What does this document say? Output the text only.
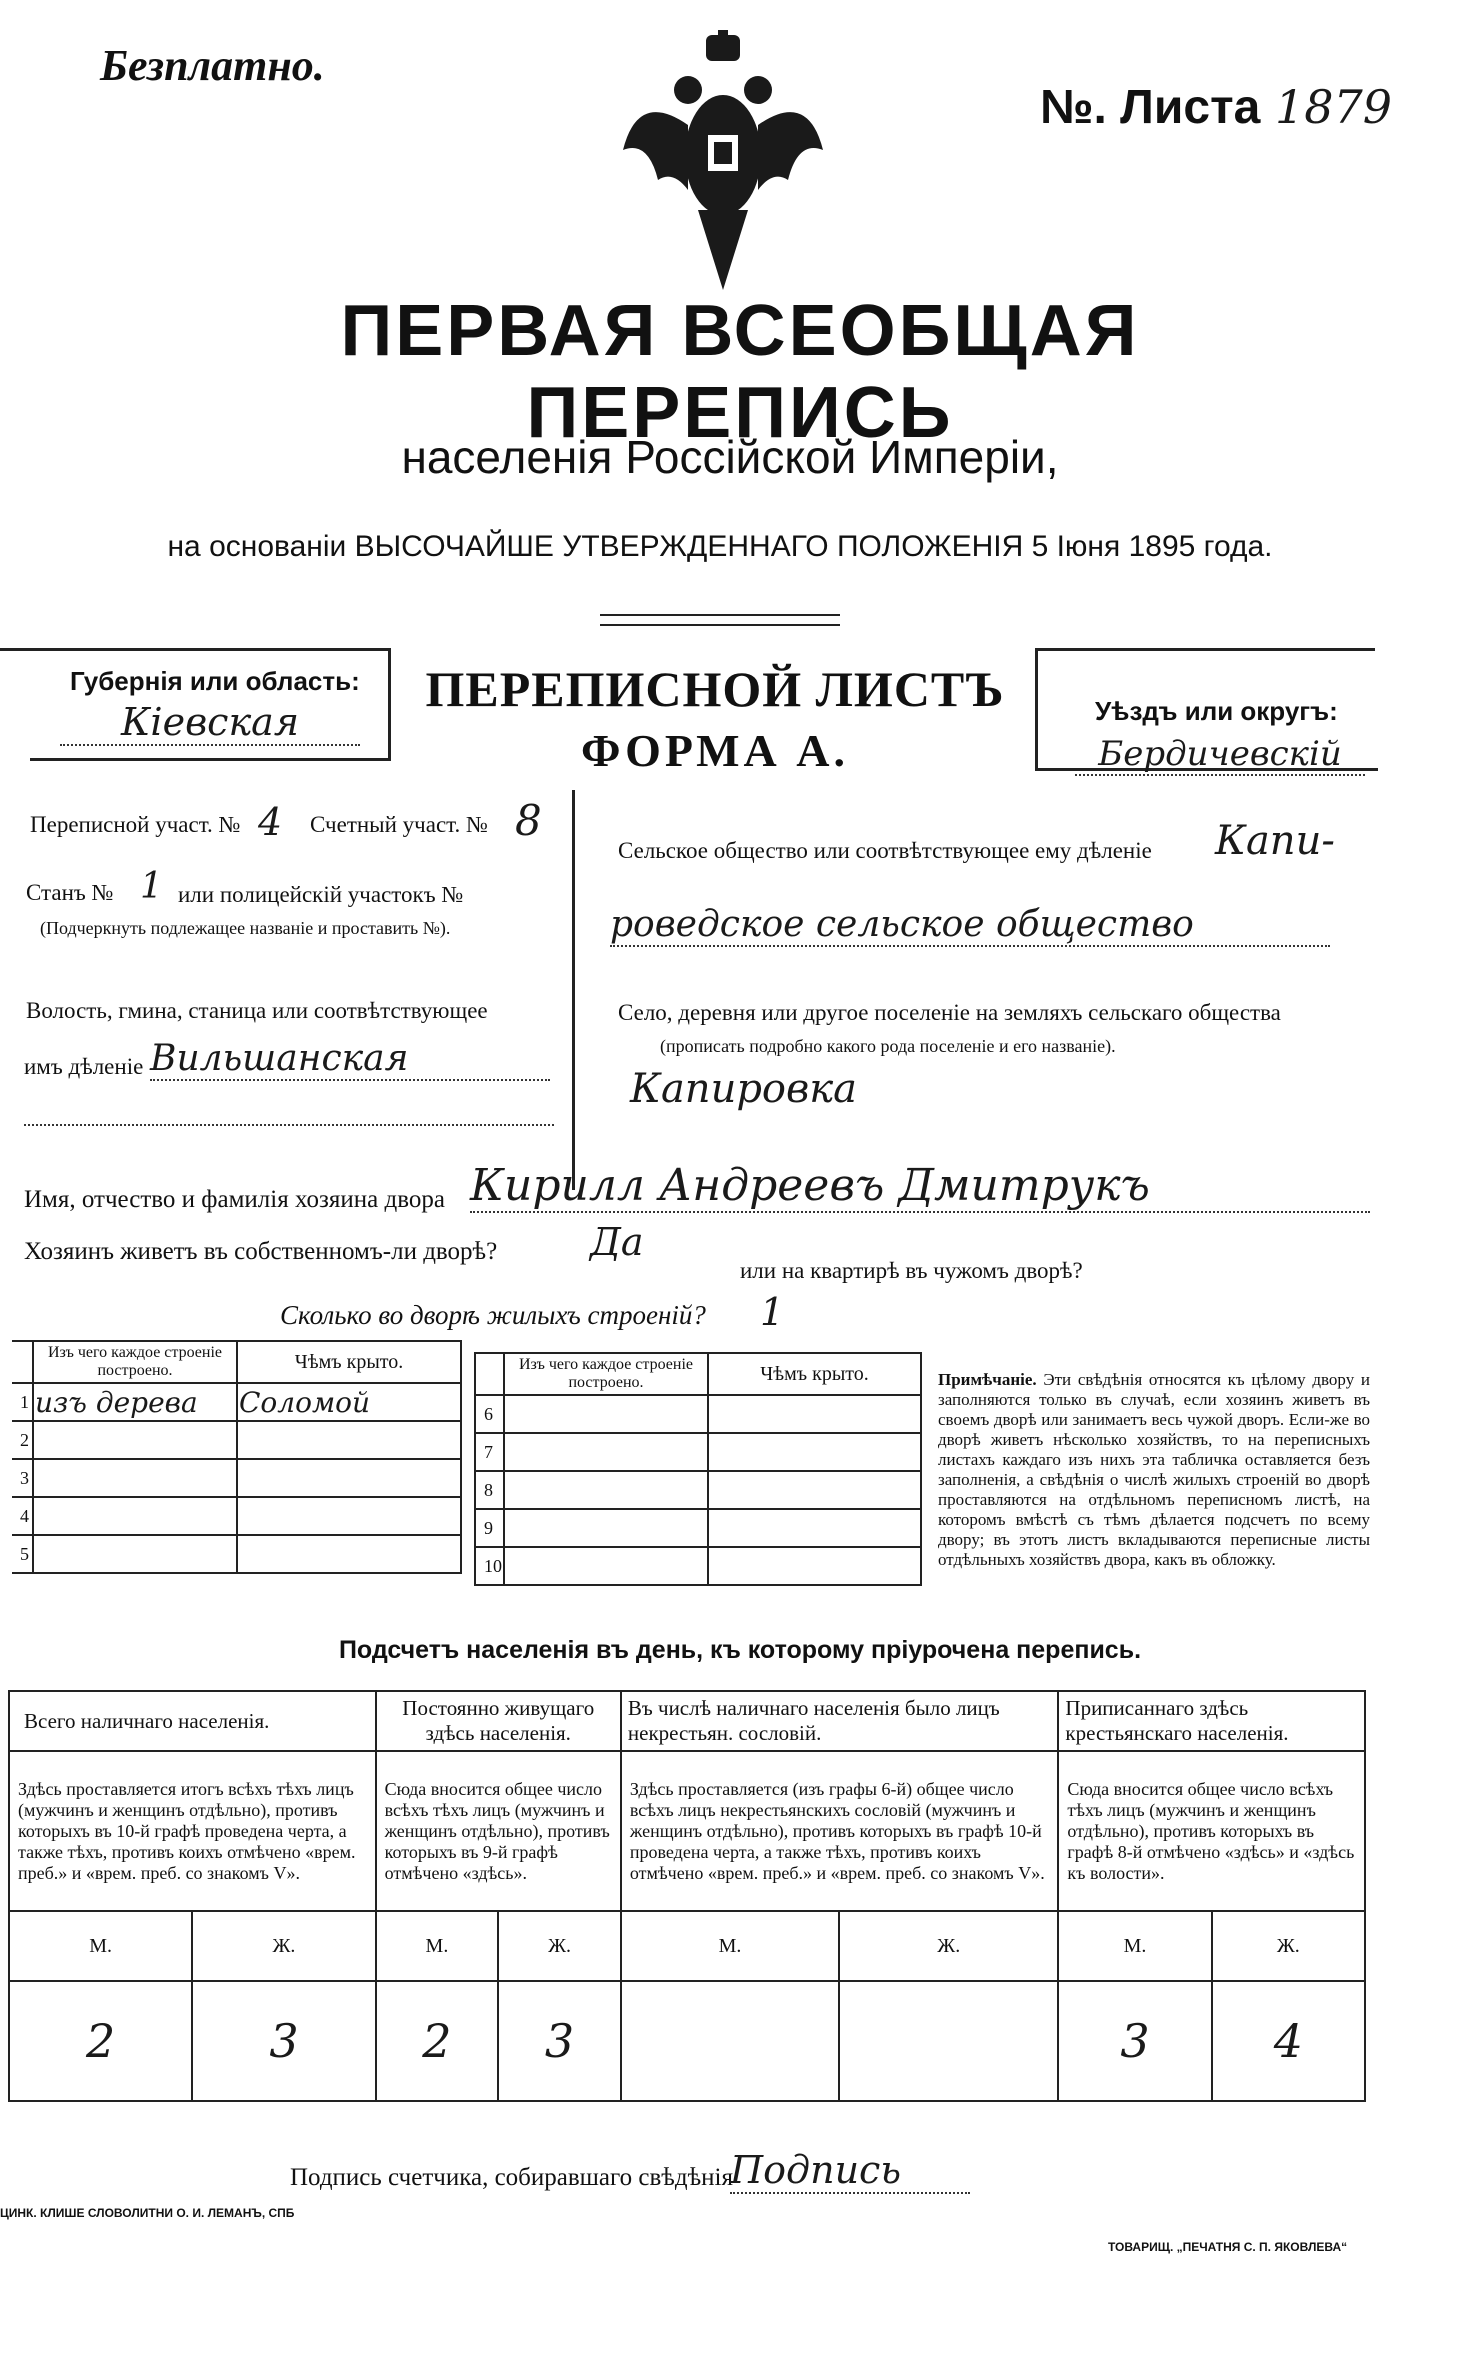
Безплатно.
№. Листа 1879
ПЕРВАЯ ВСЕОБЩАЯ ПЕРЕПИСЬ
населенія Россійской Имперіи,
на основаніи ВЫСОЧАЙШЕ УТВЕРЖДЕННАГО ПОЛОЖЕНІЯ 5 Іюня 1895 года.
Губернія или область:
Кіевская
ПЕРЕПИСНОЙ ЛИСТЪ
ФОРМА А.
Уѣздъ или округъ:
Бердичевскій
Переписной участ. № 4 Счетный участ. № 8
Станъ № 1 или полицейскій участокъ №
(Подчеркнуть подлежащее названіе и проставить №).
Волость, гмина, станица или соотвѣтствующее
имъ дѣленіе Вильшанская
Сельское общество или соотвѣтствующее ему дѣленіе Капи-
роведское сельское общество
Село, деревня или другое поселеніе на земляхъ сельскаго общества
(прописать подробно какого рода поселеніе и его названіе).
Капировка
Имя, отчество и фамилія хозяина двора Кирилл Андреевъ Дмитрукъ
Хозяинъ живетъ въ собственномъ-ли дворѣ? Да
или на квартирѣ въ чужомъ дворѣ?
Сколько во дворѣ жилыхъ строеній? 1
	Изъ чего каждое строеніе построено.	Чѣмъ крыто.
1	изъ дерева	Соломой
2		
3		
4		
5		
	Изъ чего каждое строеніе построено.	Чѣмъ крыто.
6		
7		
8		
9		
10		
Примѣчаніе. Эти свѣдѣнія относятся къ цѣлому двору и заполняются только въ случаѣ, если хозяинъ живетъ въ своемъ дворѣ или занимаетъ весь чужой дворъ. Если-же во дворѣ живетъ нѣсколько хозяйствъ, то на переписныхъ листахъ каждаго изъ нихъ эта табличка оставляется безъ заполненія, а свѣдѣнія о числѣ жилыхъ строеній во дворѣ проставляются на отдѣльномъ переписномъ листѣ, на которомъ вмѣстѣ съ тѣмъ дѣлается подсчетъ по всему двору; въ этотъ листъ вкладываются переписные листы отдѣльныхъ хозяйствъ двора, какъ въ обложку.
Подсчетъ населенія въ день, къ которому пріурочена перепись.
Всего наличнаго населенія.		Постоянно живущаго здѣсь населенія.		Въ числѣ наличнаго населенія было лицъ некрестьян. сословій.		Приписаннаго здѣсь крестьянскаго населенія.	
Здѣсь проставляется итогъ всѣхъ тѣхъ лицъ (мужчинъ и женщинъ отдѣльно), противъ которыхъ въ 10-й графѣ проведена черта, а также тѣхъ, противъ коихъ отмѣчено «врем. преб.» и «врем. преб. со знакомъ V».		Сюда вносится общее число всѣхъ тѣхъ лицъ (мужчинъ и женщинъ отдѣльно), противъ которыхъ въ 9-й графѣ отмѣчено «здѣсь».		Здѣсь проставляется (изъ графы 6-й) общее число всѣхъ лицъ некрестьянскихъ сословій (мужчинъ и женщинъ отдѣльно), противъ которыхъ въ графѣ 10-й проведена черта, а также тѣхъ, противъ коихъ отмѣчено «врем. преб.» и «врем. преб. со знакомъ V».		Сюда вносится общее число всѣхъ тѣхъ лицъ (мужчинъ и женщинъ отдѣльно), противъ которыхъ въ графѣ 8-й отмѣчено «здѣсь» и «здѣсь къ волости».	
М.	Ж.	М.	Ж.	М.	Ж.	М.	Ж.
2	3	2	3			3	4
Подпись счетчика, собиравшаго свѣдѣнія
Подпись
ЦИНК. КЛИШЕ СЛОВОЛИТНИ О. И. ЛЕМАНЪ, СПБ
ТОВАРИЩ. „ПЕЧАТНЯ С. П. ЯКОВЛЕВА“
